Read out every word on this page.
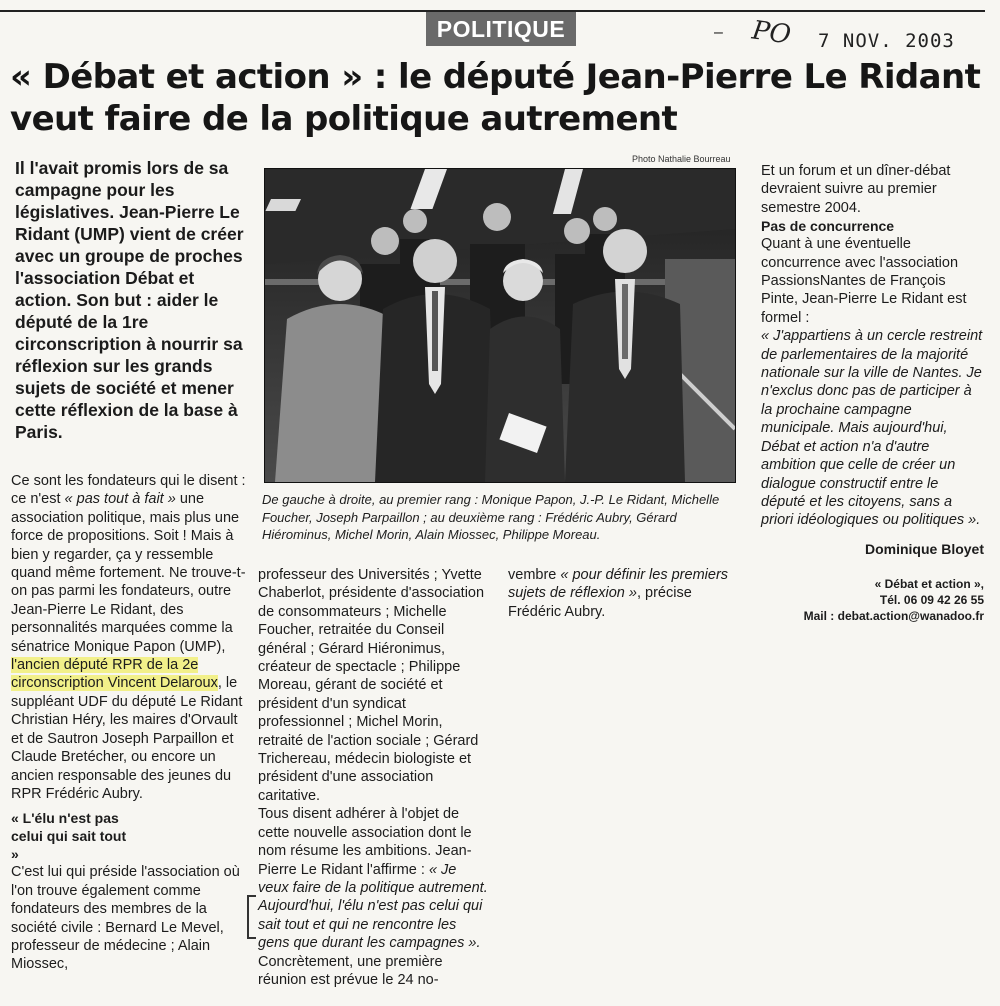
POLITIQUE	– PO 7 NOV. 2003
« Débat et action » : le député Jean-Pierre Le Ridant veut faire de la politique autrement

Il l'avait promis lors de sa campagne pour les législatives. Jean-Pierre Le Ridant (UMP) vient de créer avec un groupe de proches l'association Débat et action. Son but : aider le député de la 1re circonscription à nourrir sa réflexion sur les grands sujets de société et mener cette réflexion de la base à Paris.

Photo Nathalie Bourreau

De gauche à droite, au premier rang : Monique Papon, J.-P. Le Ridant, Michelle Foucher, Joseph Parpaillon ; au deuxième rang : Frédéric Aubry, Gérard Hiérominus, Michel Morin, Alain Miossec, Philippe Moreau.

Ce sont les fondateurs qui le disent : ce n'est « pas tout à fait » une association politique, mais plus une force de propositions. Soit ! Mais à bien y regarder, ça y ressemble quand même fortement. Ne trouve-t-on pas parmi les fondateurs, outre Jean-Pierre Le Ridant, des personnalités marquées comme la sénatrice Monique Papon (UMP), l'ancien député RPR de la 2e circonscription Vincent Delaroux, le suppléant UDF du député Le Ridant Christian Héry, les maires d'Orvault et de Sautron Joseph Parpaillon et Claude Bretécher, ou encore un ancien responsable des jeunes du RPR Frédéric Aubry.

« L'élu n'est pas celui qui sait tout »

C'est lui qui préside l'association où l'on trouve également comme fondateurs des membres de la société civile : Bernard Le Mevel, professeur de médecine ; Alain Miossec,

professeur des Universités ; Yvette Chaberlot, présidente d'association de consommateurs ; Michelle Foucher, retraitée du Conseil général ; Gérard Hiéronimus, créateur de spectacle ; Philippe Moreau, gérant de société et président d'un syndicat professionnel ; Michel Morin, retraité de l'action sociale ; Gérard Trichereau, médecin biologiste et président d'une association caritative.

Tous disent adhérer à l'objet de cette nouvelle association dont le nom résume les ambitions. Jean-Pierre Le Ridant l'affirme : « Je veux faire de la politique autrement. Aujourd'hui, l'élu n'est pas celui qui sait tout et qui ne rencontre les gens que durant les campagnes ». Concrètement, une première réunion est prévue le 24 no-

vembre « pour définir les premiers sujets de réflexion », précise Frédéric Aubry.

Et un forum et un dîner-débat devraient suivre au premier semestre 2004.

Pas de concurrence

Quant à une éventuelle concurrence avec l'association PassionsNantes de François Pinte, Jean-Pierre Le Ridant est formel :

« J'appartiens à un cercle restreint de parlementaires de la majorité nationale sur la ville de Nantes. Je n'exclus donc pas de participer à la prochaine campagne municipale. Mais aujourd'hui, Débat et action n'a d'autre ambition que celle de créer un dialogue constructif entre le député et les citoyens, sans a priori idéologiques ou politiques ».

Dominique Bloyet

« Débat et action »,

Tél. 06 09 42 26 55

Mail : debat.action@wanadoo.fr
